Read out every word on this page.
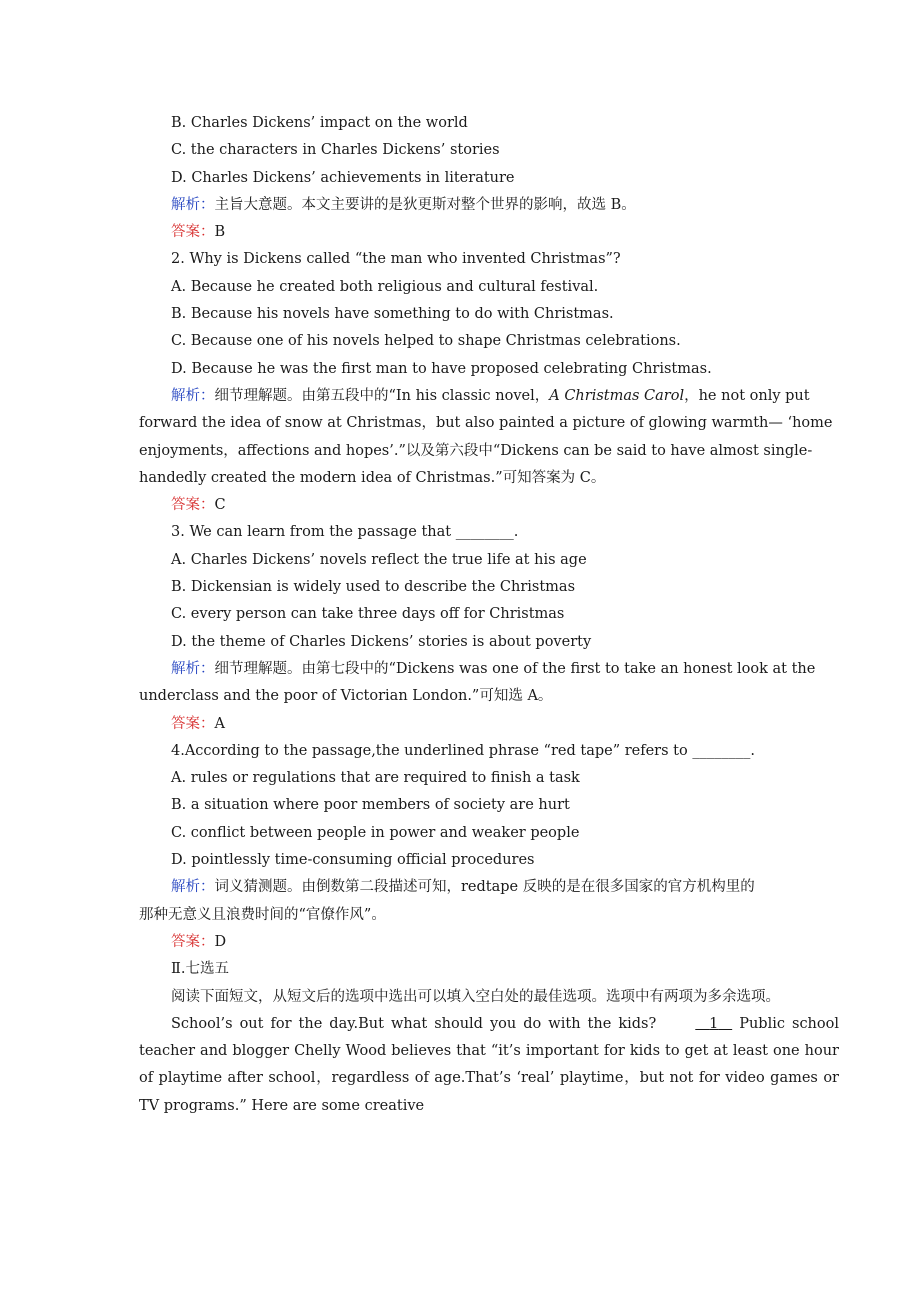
B. Charles Dickens’ impact on the world
C. the characters in Charles Dickens’ stories
D. Charles Dickens’ achievements in literature
解析：主旨大意题。本文主要讲的是狄更斯对整个世界的影响，故选 B。
答案：B
2. Why is Dickens called “the man who invented Christmas”?
A. Because he created both religious and cultural festival.
B. Because his novels have something to do with Christmas.
C. Because one of his novels helped to shape Christmas celebrations.
D. Because he was the first man to have proposed celebrating Christmas.
解析：细节理解题。由第五段中的“In his classic novel，A Christmas Carol，he not only put forward the idea of snow at Christmas，but also painted a picture of glowing warmth— ‘home enjoyments，affections and hopes’.”以及第六段中“Dickens can be said to have almost single-handedly created the modern idea of Christmas.”可知答案为 C。
答案：C
3. We can learn from the passage that ________.
A. Charles Dickens’ novels reflect the true life at his age
B. Dickensian is widely used to describe the Christmas
C. every person can take three days off for Christmas
D. the theme of Charles Dickens’ stories is about poverty
解析：细节理解题。由第七段中的“Dickens was one of the first to take an honest look at the underclass and the poor of Victorian London.”可知选 A。
答案：A
4.According to the passage,the underlined phrase “red tape” refers to ________.
A. rules or regulations that are required to finish a task
B. a situation where poor members of society are hurt
C. conflict between people in power and weaker people
D. pointlessly time-consuming official procedures
解析：词义猜测题。由倒数第二段描述可知，redtape 反映的是在很多国家的官方机构里的那种无意义且浪费时间的“官僚作风”。
答案：D
Ⅱ.七选五
阅读下面短文，从短文后的选项中选出可以填入空白处的最佳选项。选项中有两项为多余选项。
School’s out for the day.But what should you do with the kids?	1 Public school teacher and blogger Chelly Wood believes that “it’s important for kids to get at least one hour of playtime after school，regardless of age.That’s ‘real’ playtime，but not for video games or TV programs.” Here are some creative
